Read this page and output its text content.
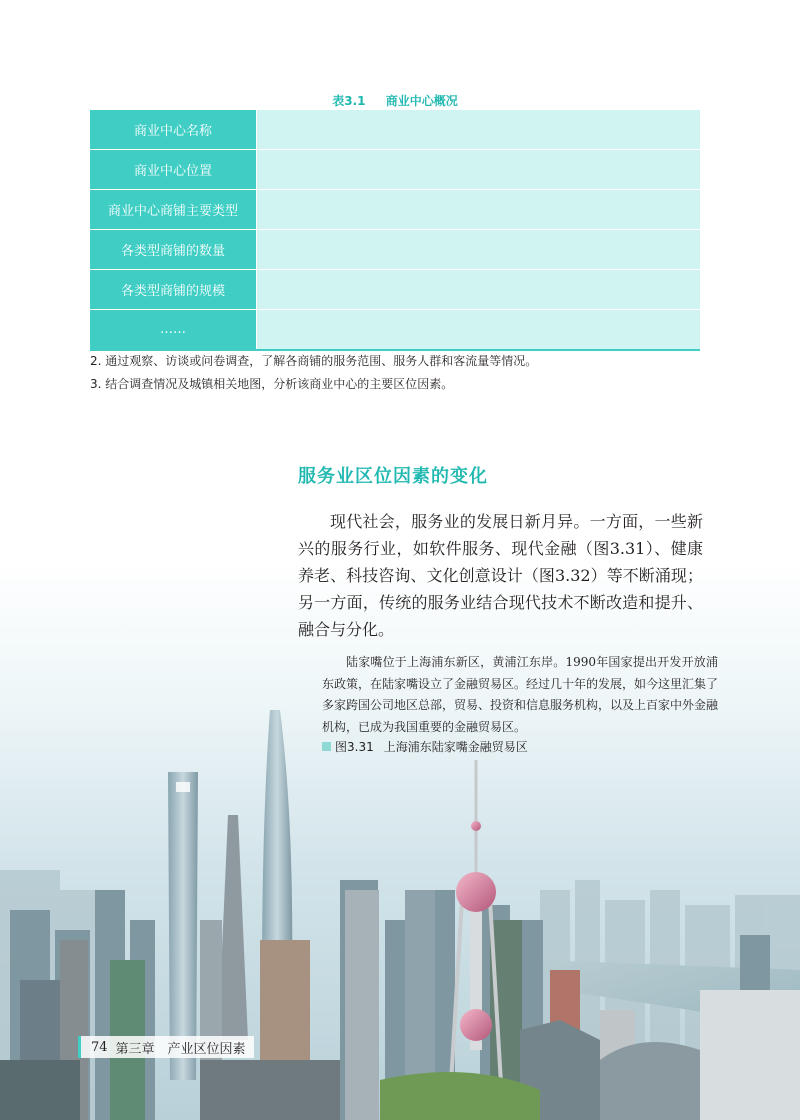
表3.1 商业中心概况
商业中心名称	
商业中心位置	
商业中心商铺主要类型	
各类型商铺的数量	
各类型商铺的规模	
……	

2. 通过观察、访谈或问卷调查，了解各商铺的服务范围、服务人群和客流量等情况。

3. 结合调查情况及城镇相关地图，分析该商业中心的主要区位因素。

服务业区位因素的变化

现代社会，服务业的发展日新月异。一方面，一些新兴的服务行业，如软件服务、现代金融（图3.31）、健康养老、科技咨询、文化创意设计（图3.32）等不断涌现；另一方面，传统的服务业结合现代技术不断改造和提升、融合与分化。

陆家嘴位于上海浦东新区，黄浦江东岸。1990年国家提出开发开放浦东政策，在陆家嘴设立了金融贸易区。经过几十年的发展，如今这里汇集了多家跨国公司地区总部，贸易、投资和信息服务机构，以及上百家中外金融机构，已成为我国重要的金融贸易区。

图3.31 上海浦东陆家嘴金融贸易区
74 第三章　产业区位因素
